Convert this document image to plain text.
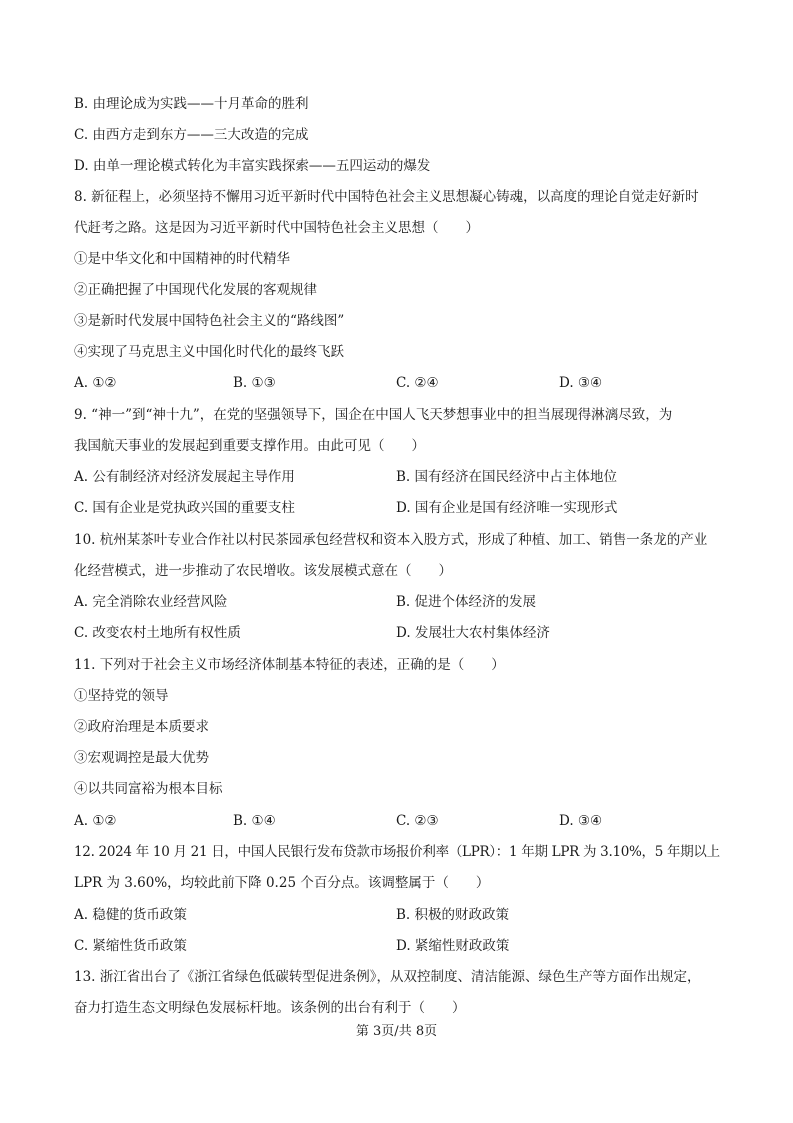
B. 由理论成为实践——十月革命的胜利
C. 由西方走到东方——三大改造的完成
D. 由单一理论模式转化为丰富实践探索——五四运动的爆发
8. 新征程上，必须坚持不懈用习近平新时代中国特色社会主义思想凝心铸魂，以高度的理论自觉走好新时
代赶考之路。这是因为习近平新时代中国特色社会主义思想（　　）
①是中华文化和中国精神的时代精华
②正确把握了中国现代化发展的客观规律
③是新时代发展中国特色社会主义的“路线图”
④实现了马克思主义中国化时代化的最终飞跃
A. ①②	B. ①③	C. ②④	D. ③④
9. “神一”到“神十九”，在党的坚强领导下，国企在中国人飞天梦想事业中的担当展现得淋漓尽致，为
我国航天事业的发展起到重要支撑作用。由此可见（　　）
A. 公有制经济对经济发展起主导作用	B. 国有经济在国民经济中占主体地位
C. 国有企业是党执政兴国的重要支柱	D. 国有企业是国有经济唯一实现形式
10. 杭州某茶叶专业合作社以村民茶园承包经营权和资本入股方式，形成了种植、加工、销售一条龙的产业
化经营模式，进一步推动了农民增收。该发展模式意在（　　）
A. 完全消除农业经营风险	B. 促进个体经济的发展
C. 改变农村土地所有权性质	D. 发展壮大农村集体经济
11. 下列对于社会主义市场经济体制基本特征的表述，正确的是（　　）
①坚持党的领导
②政府治理是本质要求
③宏观调控是最大优势
④以共同富裕为根本目标
A. ①②	B. ①④	C. ②③	D. ③④
12. 2024 年 10 月 21 日，中国人民银行发布贷款市场报价利率（LPR）：1 年期 LPR 为 3.10%，5 年期以上
LPR 为 3.60%，均较此前下降 0.25 个百分点。该调整属于（　　）
A. 稳健的货币政策	B. 积极的财政政策
C. 紧缩性货币政策	D. 紧缩性财政政策
13. 浙江省出台了《浙江省绿色低碳转型促进条例》，从双控制度、清洁能源、绿色生产等方面作出规定，
奋力打造生态文明绿色发展标杆地。该条例的出台有利于（　　）
第 3页/共 8页
